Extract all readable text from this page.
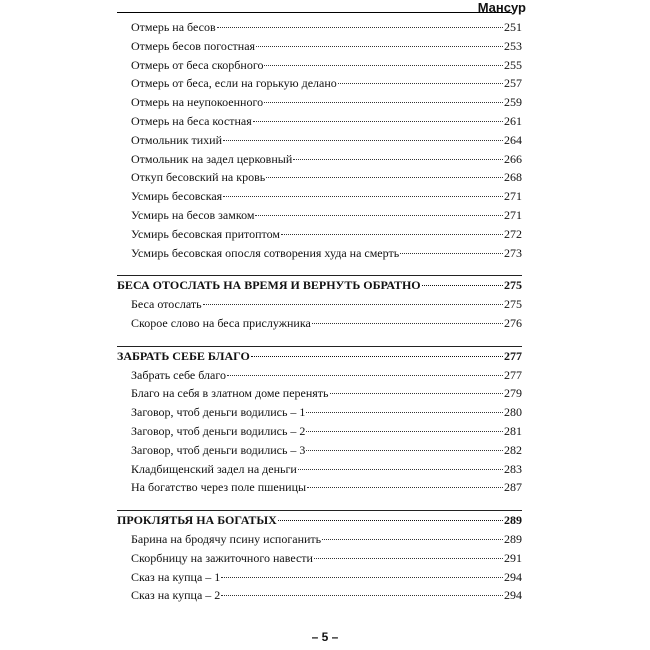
Мансур
Отмерь на бесов	251
Отмерь бесов погостная	253
Отмерь от беса скорбного	255
Отмерь от беса, если на горькую делано	257
Отмерь на неупокоенного	259
Отмерь на беса костная	261
Отмольник тихий	264
Отмольник на задел церковный	266
Откуп бесовский на кровь	268
Усмирь бесовская	271
Усмирь на бесов замком	271
Усмирь бесовская притоптом	272
Усмирь бесовская опосля сотворения худа на смерть	273
БЕСА ОТОСЛАТЬ НА ВРЕМЯ И ВЕРНУТЬ ОБРАТНО	275
Беса отослать	275
Скорое слово на беса прислужника	276
ЗАБРАТЬ СЕБЕ БЛАГО	277
Забрать себе благо	277
Благо на себя в златном доме перенять	279
Заговор, чтоб деньги водились – 1	280
Заговор, чтоб деньги водились – 2	281
Заговор, чтоб деньги водились – 3	282
Кладбищенский задел на деньги	283
На богатство через поле пшеницы	287
ПРОКЛЯТЬЯ НА БОГАТЫХ	289
Барина на бродячу псину испоганить	289
Скорбницу на зажиточного навести	291
Сказ на купца – 1	294
Сказ на купца – 2	294
– 5 –
